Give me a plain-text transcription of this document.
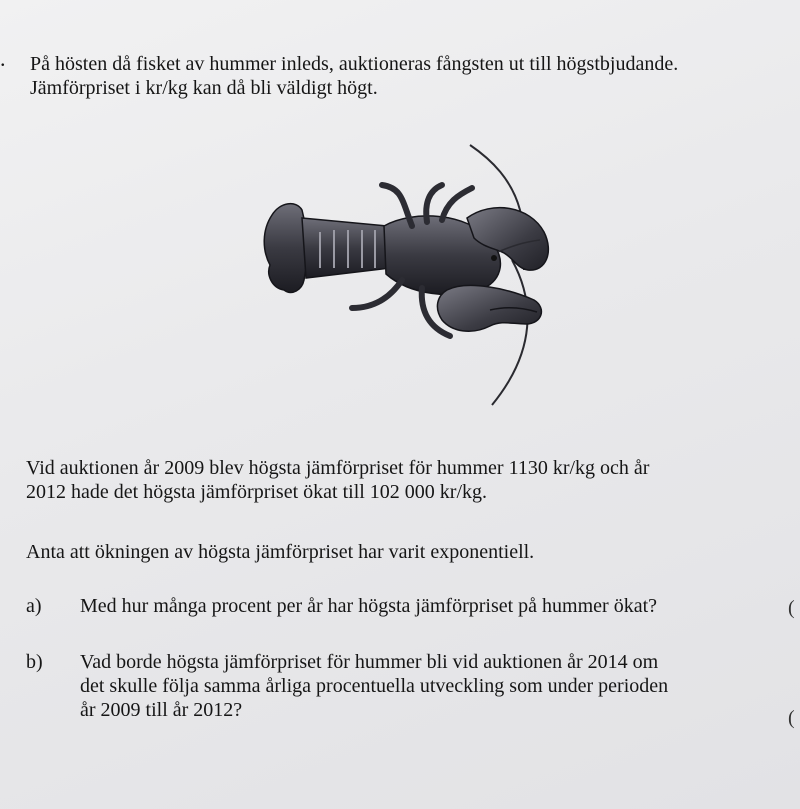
. På hösten då fisket av hummer inleds, auktioneras fångsten ut till högstbjudande.
Jämförpriset i kr/kg kan då bli väldigt högt.
Vid auktionen år 2009 blev högsta jämförpriset för hummer 1130 kr/kg och år
2012 hade det högsta jämförpriset ökat till 102 000 kr/kg.
Anta att ökningen av högsta jämförpriset har varit exponentiell.
a) Med hur många procent per år har högsta jämförpriset på hummer ökat?	(
b) Vad borde högsta jämförpriset för hummer bli vid auktionen år 2014 om
det skulle följa samma årliga procentuella utveckling som under perioden
år 2009 till år 2012?	(
